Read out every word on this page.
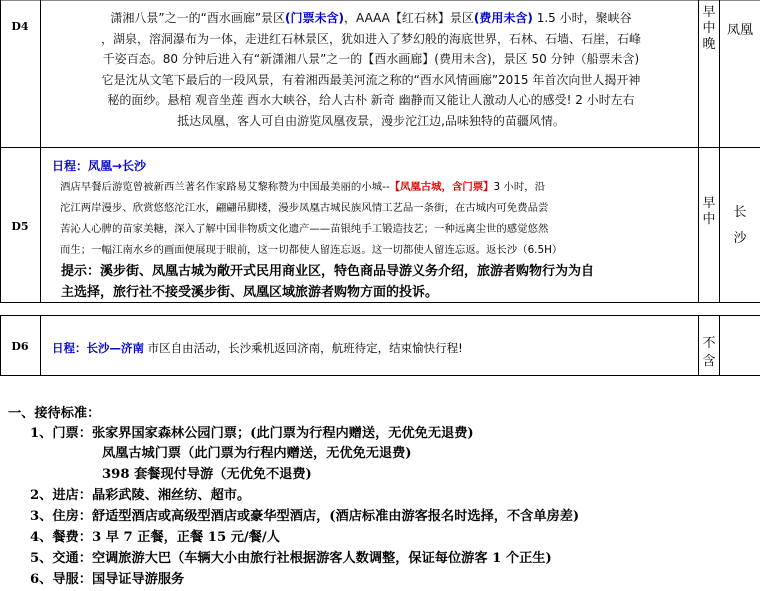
D4
早中晚
凤凰
潇湘八景”之一的“酉水画廊”景区(门票未含)，AAAA【红石林】景区(费用未含) 1.5 小时，聚峡谷
，湖泉，溶洞瀑布为一体，走进红石林景区，犹如进入了梦幻般的海底世界，石林、石墙、石崖，石峰
千姿百态。80 分钟后进入有“新潇湘八景”之一的【酉水画廊】(费用未含)，景区 50 分钟（船票未含)
它是沈从文笔下最后的一段风景，有着湘西最美河流之称的“酉水风情画廊”2015 年首次向世人揭开神
秘的面纱。悬棺 观音坐莲 酉水大峡谷，给人古朴 新奇 幽静而又能让人激动人心的感受! 2 小时左右
抵达凤凰，客人可自由游览凤凰夜景，漫步沱江边,品味独特的苗疆风情。
D5
早中 长沙
日程：凤凰→长沙
酒店早餐后游览曾被新西兰著名作家路易艾黎称赞为中国最美丽的小城--【凤凰古城，含门票】3 小时，沿
沱江两岸漫步、欣赏悠悠沱江水，翩翩吊脚楼，漫步凤凰古城民族风情工艺品一条街，在古城内可免费品尝
苦沁人心脾的苗家美糖，深入了解中国非物质文化遗产——苗银纯手工锻造技艺；一种远离尘世的感觉悠然
而生；一幅江南水乡的画面便展现于眼前，这一切都使人留连忘返。这一切都使人留连忘返。返长沙（6.5H）
提示：溪步街、凤凰古城为敞开式民用商业区，特色商品导游义务介绍，旅游者购物行为为自
主选择，旅行社不接受溪步街、凤凰区域旅游者购物方面的投诉。
D6	日程：长沙—济南 市区自由活动，长沙乘机返回济南，航班待定，结束愉快行程!	不
含
一、接待标准：
1、门票：张家界国家森林公园门票；(此门票为行程内赠送，无优免无退费)
凤凰古城门票（此门票为行程内赠送，无优免无退费)
398 套餐现付导游（无优免不退费)
2、进店：晶彩武陵、湘丝纺、超市。
3、住房：舒适型酒店或高级型酒店或豪华型酒店，(酒店标准由游客报名时选择，不含单房差)
4、餐费：3 早 7 正餐，正餐 15 元/餐/人
5、交通：空调旅游大巴（车辆大小由旅行社根据游客人数调整，保证每位游客 1 个正生)
6、导服：国导证导游服务
